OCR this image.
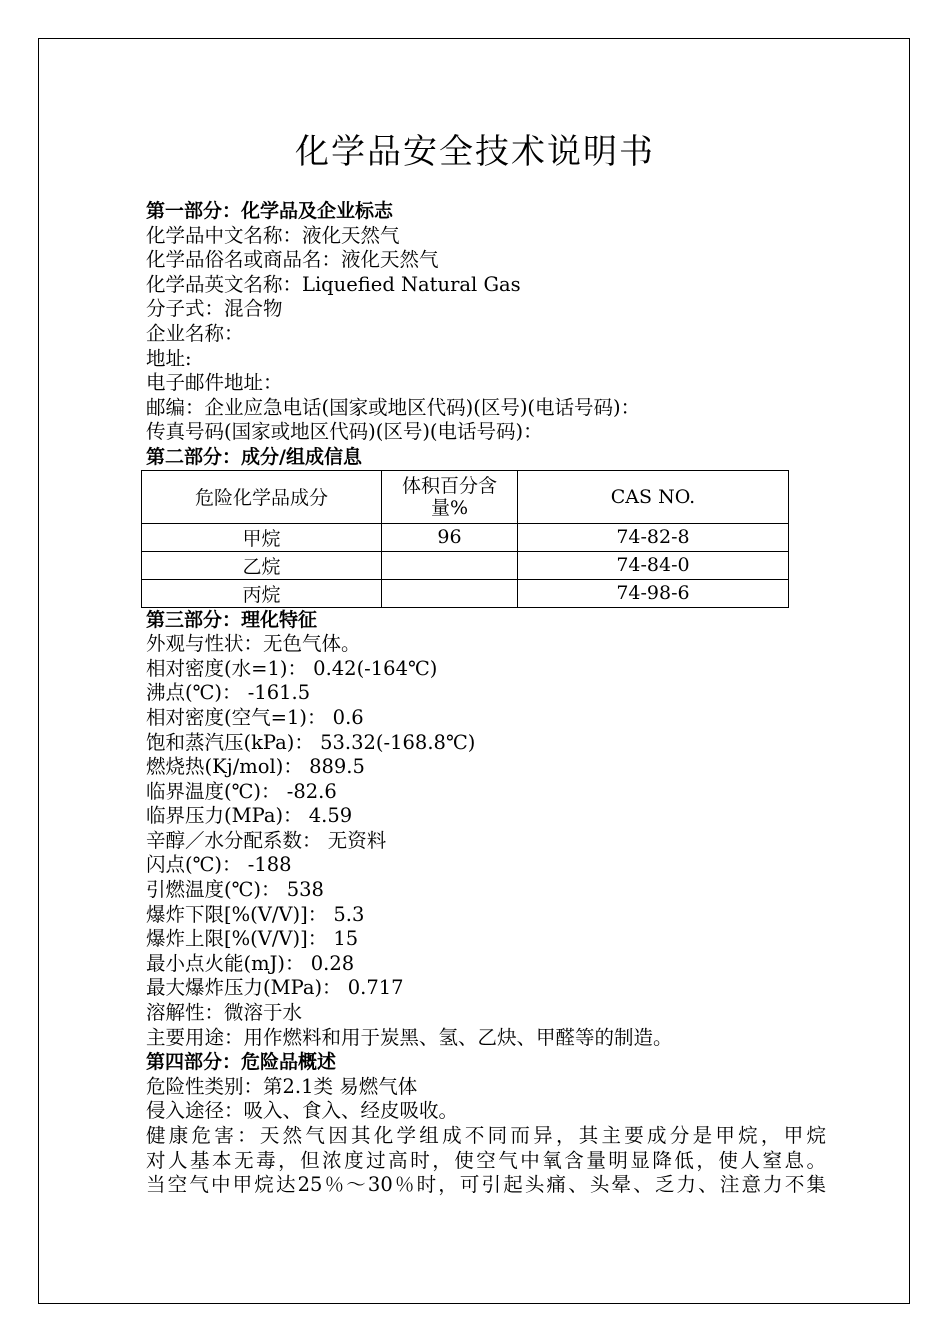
化学品安全技术说明书
第一部分：化学品及企业标志
化学品中文名称：液化天然气
化学品俗名或商品名：液化天然气
化学品英文名称：Liquefied Natural Gas
分子式：混合物
企业名称：
地址:
电子邮件地址：
邮编：企业应急电话(国家或地区代码)(区号)(电话号码)：
传真号码(国家或地区代码)(区号)(电话号码)：
第二部分：成分/组成信息
危险化学品成分	体积百分含量%	CAS NO.
甲烷	96	74-82-8
乙烷		74-84-0
丙烷		74-98-6
第三部分：理化特征
外观与性状：无色气体。
相对密度(水=1)： 0.42(-164℃)
沸点(℃)： -161.5
相对密度(空气=1)： 0.6
饱和蒸汽压(kPa)： 53.32(-168.8℃)
燃烧热(Kj/mol)： 889.5
临界温度(℃)： -82.6
临界压力(MPa)： 4.59
辛醇／水分配系数： 无资料
闪点(℃)： -188
引燃温度(℃)： 538
爆炸下限[%(V/V)]： 5.3
爆炸上限[%(V/V)]： 15
最小点火能(mJ)： 0.28
最大爆炸压力(MPa)： 0.717
溶解性：微溶于水
主要用途：用作燃料和用于炭黑、氢、乙炔、甲醛等的制造。
第四部分：危险品概述
危险性类别：第2.1类 易燃气体
侵入途径：吸入、食入、经皮吸收。
健康危害：天然气因其化学组成不同而异，其主要成分是甲烷，甲烷
对人基本无毒，但浓度过高时，使空气中氧含量明显降低，使人窒息。
当空气中甲烷达25％～30％时，可引起头痛、头晕、乏力、注意力不集
